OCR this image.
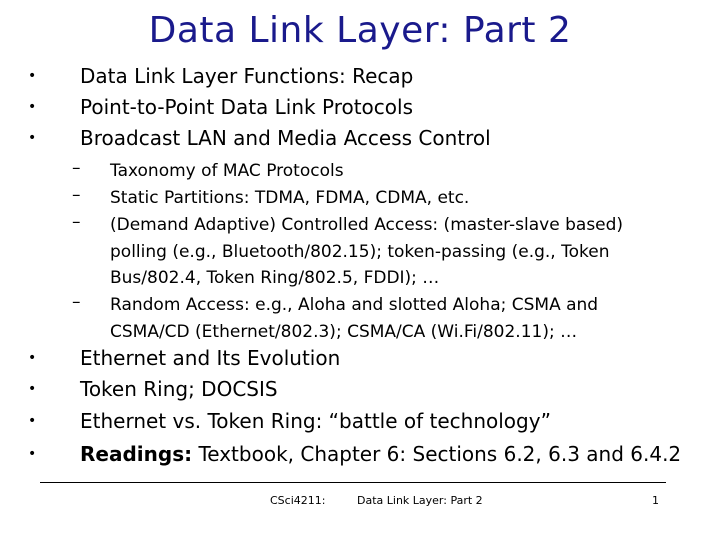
Data Link Layer: Part 2
• Data Link Layer Functions: Recap
• Point-to-Point Data Link Protocols
• Broadcast LAN and Media Access Control
– Taxonomy of MAC Protocols
– Static Partitions: TDMA, FDMA, CDMA, etc.
– (Demand Adaptive) Controlled Access: (master-slave based)
polling (e.g., Bluetooth/802.15); token-passing (e.g., Token
Bus/802.4, Token Ring/802.5, FDDI); …
– Random Access: e.g., Aloha and slotted Aloha; CSMA and
CSMA/CD (Ethernet/802.3); CSMA/CA (Wi.Fi/802.11); …
• Ethernet and Its Evolution
• Token Ring; DOCSIS
• Ethernet vs. Token Ring: “battle of technology”
• Readings: Textbook, Chapter 6: Sections 6.2, 6.3 and 6.4.2
CSci4211:	Data Link Layer: Part 2	1
